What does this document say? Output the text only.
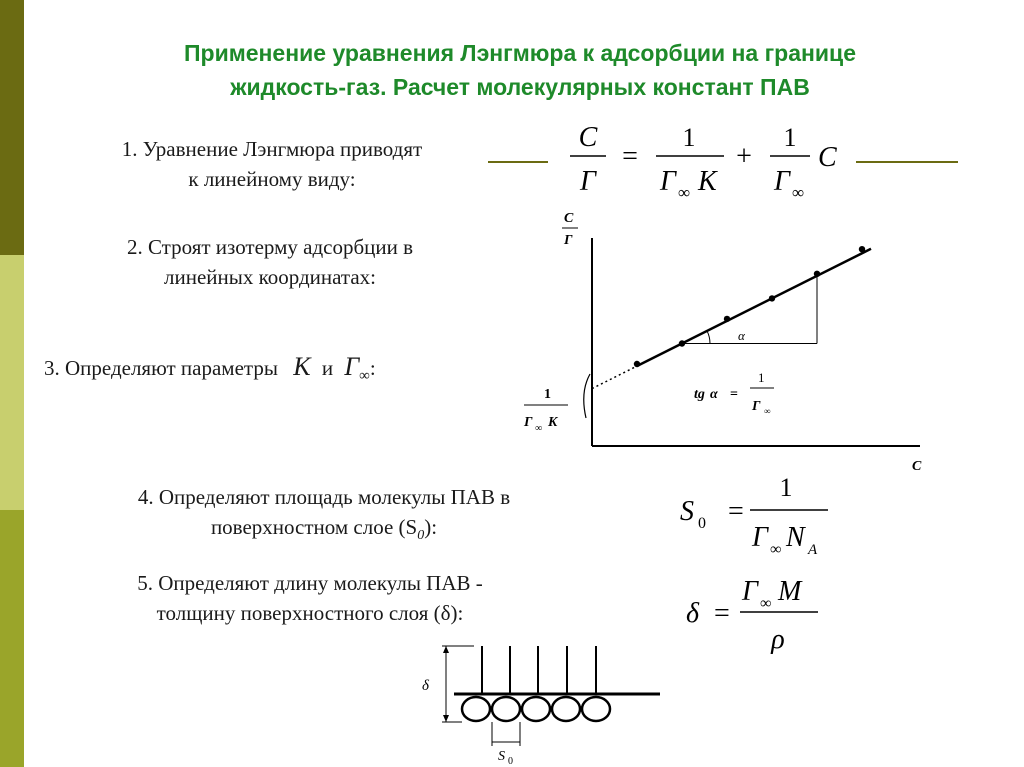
Применение уравнения Лэнгмюра к адсорбции на границе
жидкость-газ. Расчет молекулярных констант ПАВ
1. Уравнение Лэнгмюра приводят
к линейному виду:
C
Γ
=
1
Γ ∞ K
+
1
Γ ∞
C
2. Строят изотерму адсорбции в
линейных координатах:
3. Определяют параметры K и $\Gamma_\infty$:
C
Γ
C
1
Γ ∞ K
α
tg α =
1
Γ ∞
4. Определяют площадь молекулы ПАВ в
поверхностном слое $(S_0)$:	S 0 =
1
Γ ∞ N A
5. Определяют длину молекулы ПАВ -
толщину поверхностного слоя (δ):	δ =
Γ ∞ M
ρ
δ
S 0
